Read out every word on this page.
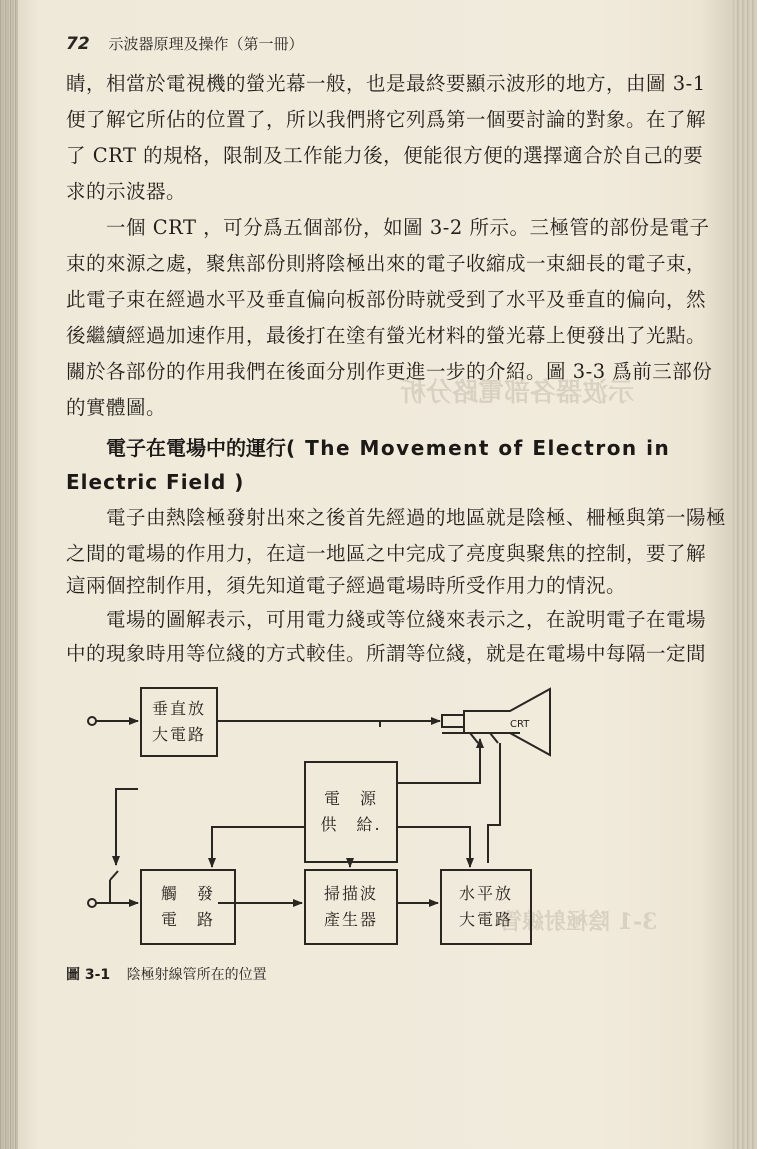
示波器各部電路分析
3-1 陰極射線管
72 示波器原理及操作（第一冊）
睛，相當於電視機的螢光幕一般，也是最終要顯示波形的地方，由圖 3-1
便了解它所佔的位置了，所以我們將它列爲第一個要討論的對象。在了解
了 CRT 的規格，限制及工作能力後，便能很方便的選擇適合於自己的要
求的示波器。
一個 CRT ，可分爲五個部份，如圖 3-2 所示。三極管的部份是電子
束的來源之處，聚焦部份則將陰極出來的電子收縮成一束細長的電子束，
此電子束在經過水平及垂直偏向板部份時就受到了水平及垂直的偏向，然
後繼續經過加速作用，最後打在塗有螢光材料的螢光幕上便發出了光點。
關於各部份的作用我們在後面分別作更進一步的介紹。圖 3-3 爲前三部份
的實體圖。
電子在電場中的運行( The Movement of Electron in
Electric Field )
電子由熱陰極發射出來之後首先經過的地區就是陰極、柵極與第一陽極
之間的電場的作用力，在這一地區之中完成了亮度與聚焦的控制，要了解
這兩個控制作用，須先知道電子經過電場時所受作用力的情況。
電場的圖解表示，可用電力綫或等位綫來表示之，在說明電子在電場
中的現象時用等位綫的方式較佳。所謂等位綫，就是在電場中每隔一定間
CRT
垂直放
大電路
電　源
供　給.
觸　發
電　路
掃描波
產生器
水平放
大電路
圖 3-1 陰極射線管所在的位置
